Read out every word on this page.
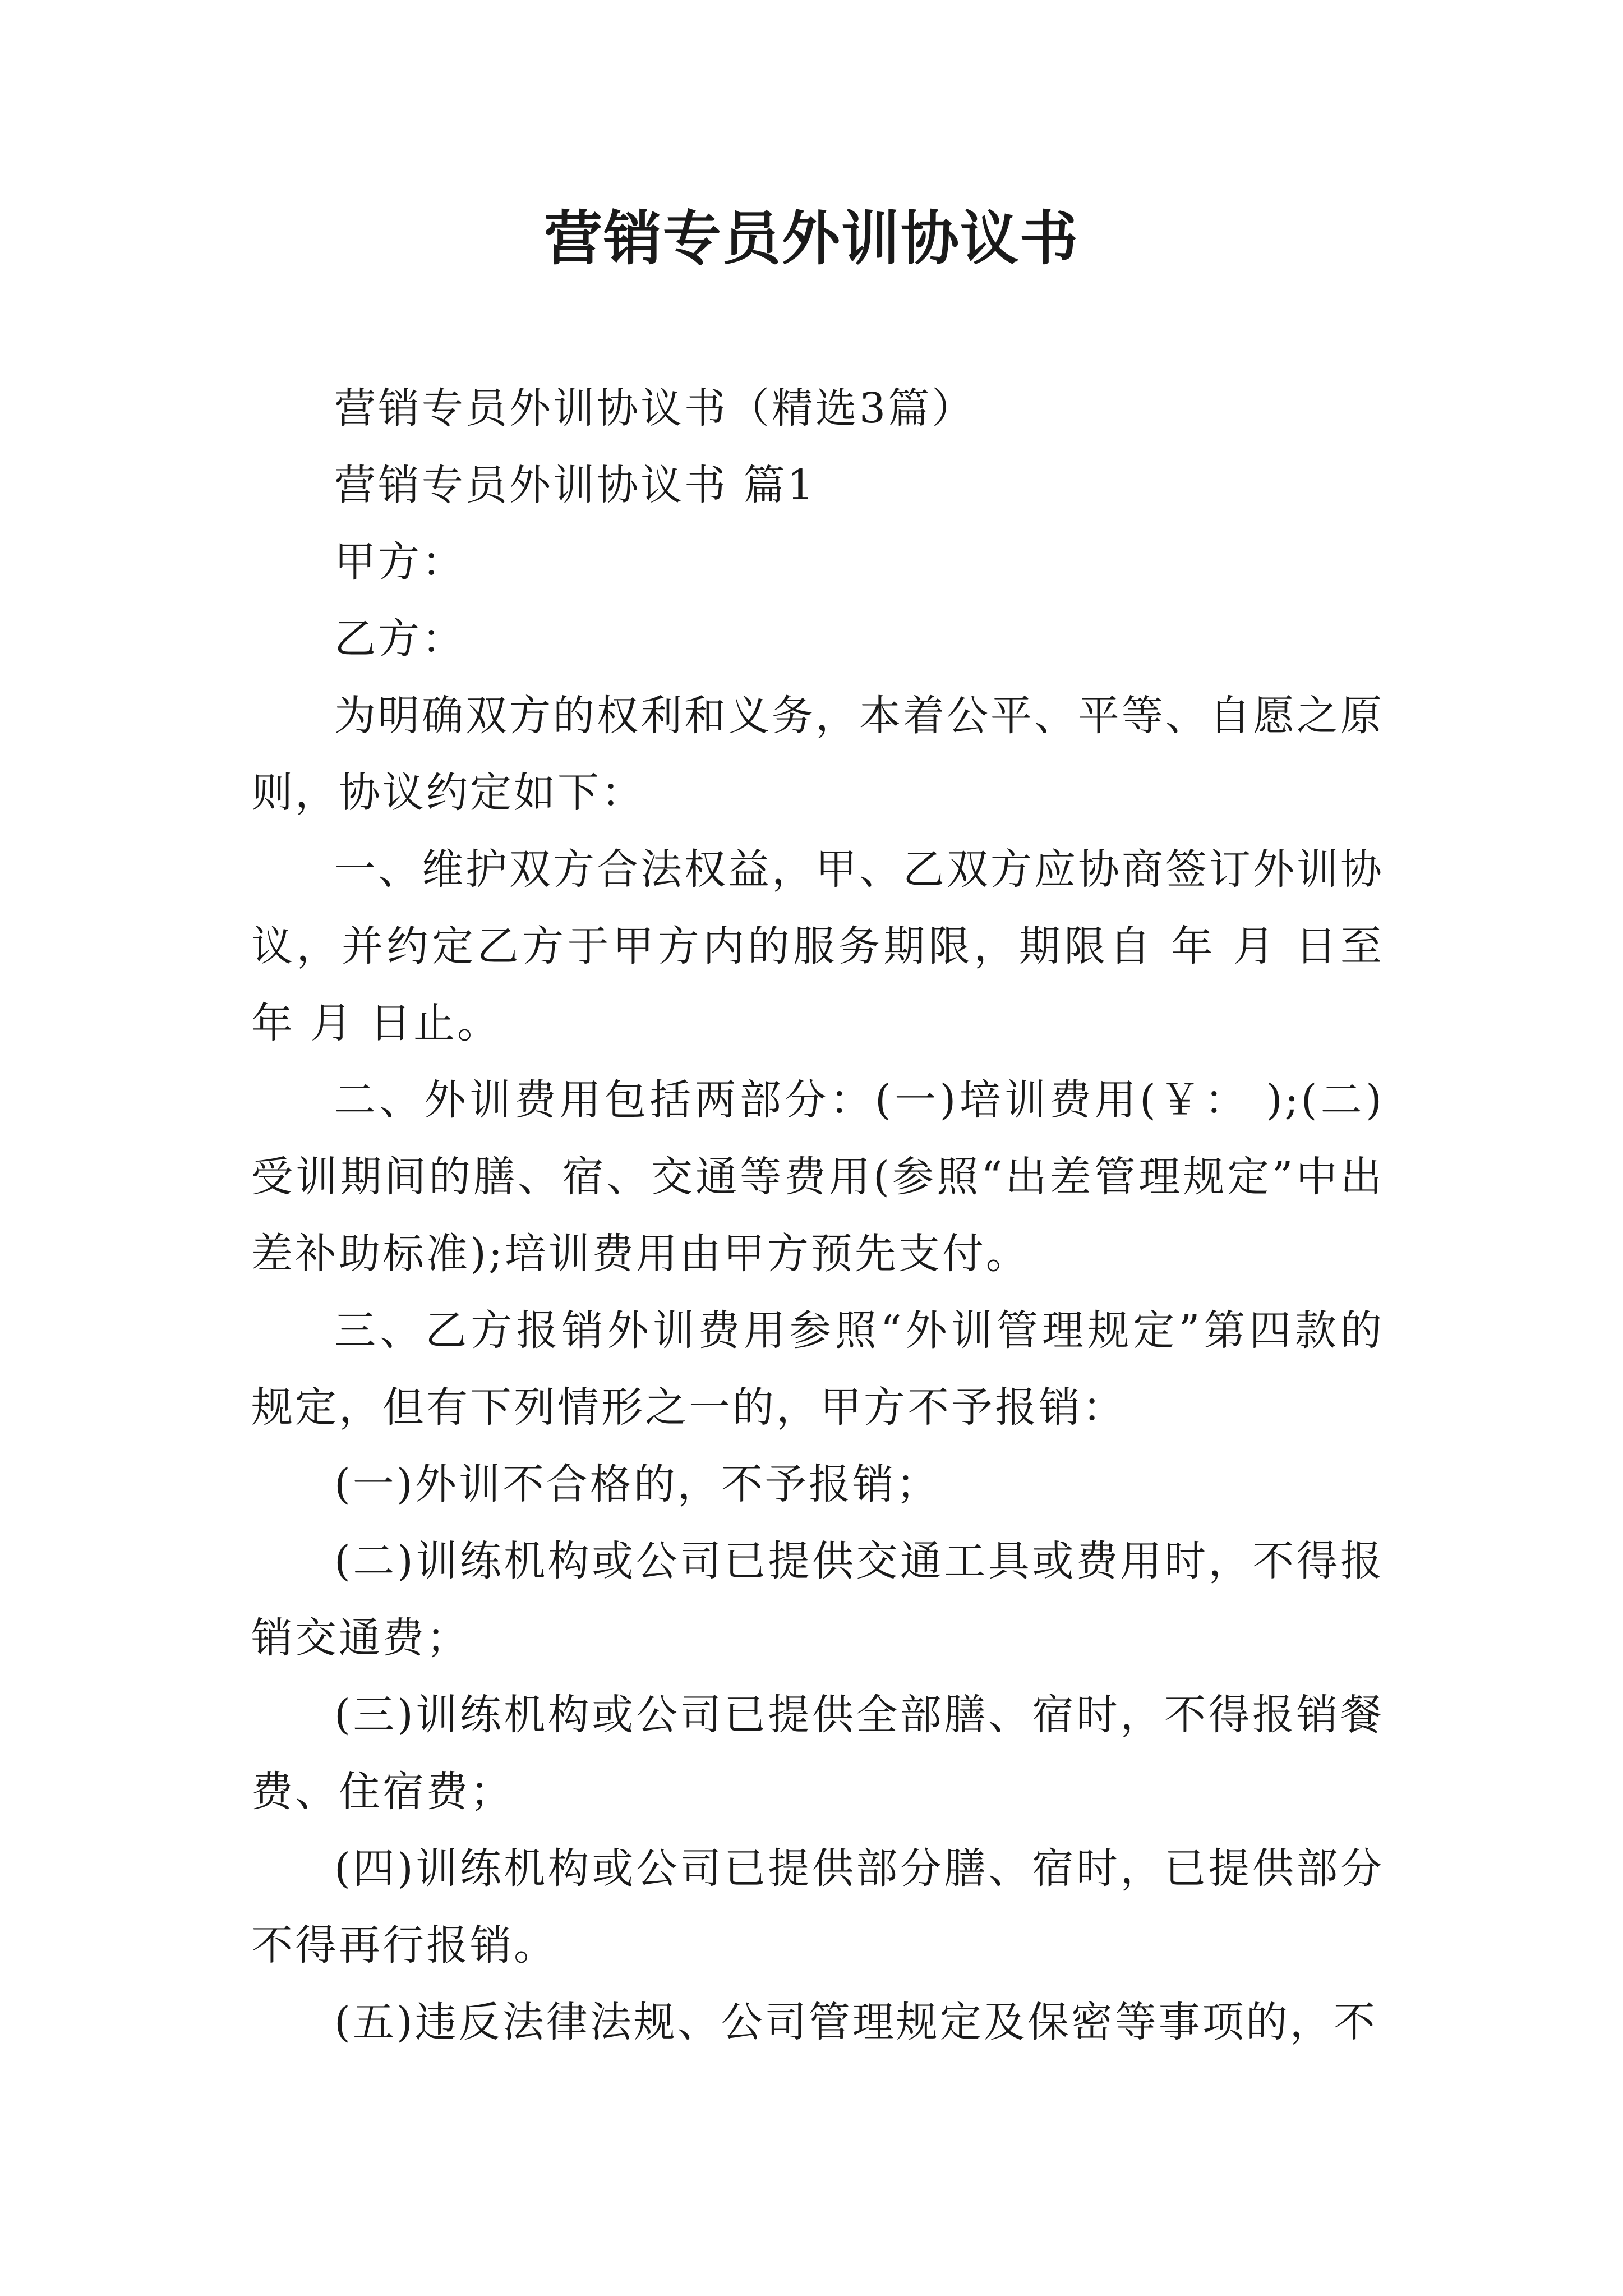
营销专员外训协议书

营销专员外训协议书（精选3篇）

营销专员外训协议书 篇1

甲方：

乙方：

为明确双方的权利和义务，本着公平、平等、自愿之原则，协议约定如下：

一、维护双方合法权益，甲、乙双方应协商签订外训协议，并约定乙方于甲方内的服务期限，期限自 年 月 日至 年 月 日止。

二、外训费用包括两部分：(一)培训费用(￥： );(二)受训期间的膳、宿、交通等费用(参照“出差管理规定”中出差补助标准);培训费用由甲方预先支付。

三、乙方报销外训费用参照“外训管理规定”第四款的规定，但有下列情形之一的，甲方不予报销：

(一)外训不合格的，不予报销；

(二)训练机构或公司已提供交通工具或费用时，不得报销交通费；

(三)训练机构或公司已提供全部膳、宿时，不得报销餐费、住宿费；

(四)训练机构或公司已提供部分膳、宿时，已提供部分不得再行报销。

(五)违反法律法规、公司管理规定及保密等事项的，不
